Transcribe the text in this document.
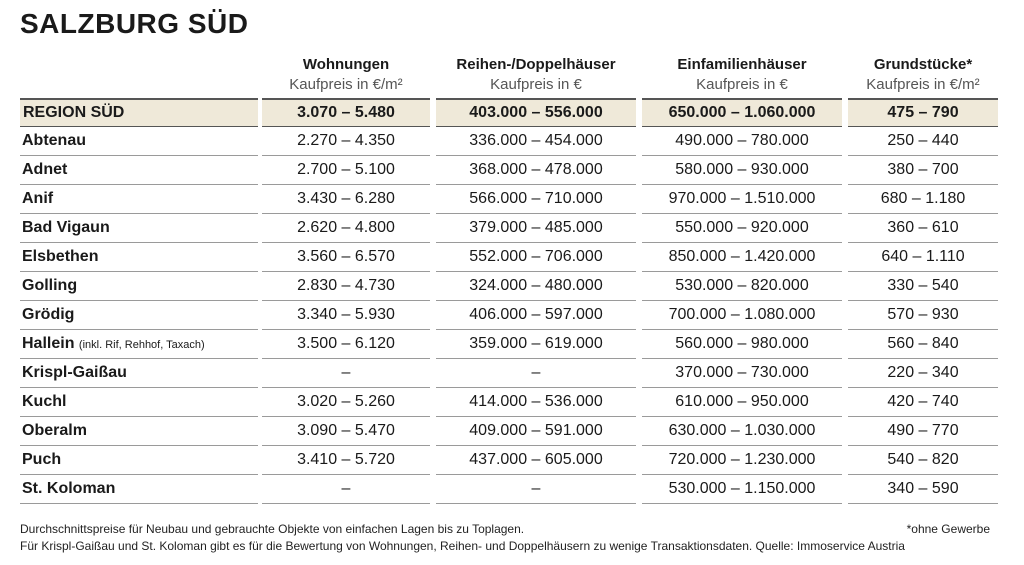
SALZBURG SÜD
Wohnungen
Kaufpreis in €/m²
Reihen-/Doppelhäuser
Kaufpreis in €
Einfamilienhäuser
Kaufpreis in €
Grundstücke*
Kaufpreis in €/m²
REGION SÜD	3.070 – 5.480	403.000 – 556.000	650.000 – 1.060.000	475 – 790
Abtenau	2.270 – 4.350	336.000 – 454.000	490.000 – 780.000	250 – 440
Adnet	2.700 – 5.100	368.000 – 478.000	580.000 – 930.000	380 – 700
Anif	3.430 – 6.280	566.000 – 710.000	970.000 – 1.510.000	680 – 1.180
Bad Vigaun	2.620 – 4.800	379.000 – 485.000	550.000 – 920.000	360 – 610
Elsbethen	3.560 – 6.570	552.000 – 706.000	850.000 – 1.420.000	640 – 1.110
Golling	2.830 – 4.730	324.000 – 480.000	530.000 – 820.000	330 – 540
Grödig	3.340 – 5.930	406.000 – 597.000	700.000 – 1.080.000	570 – 930
Hallein (inkl. Rif, Rehhof, Taxach)	3.500 – 6.120	359.000 – 619.000	560.000 – 980.000	560 – 840
Krispl-Gaißau	–	–	370.000 – 730.000	220 – 340
Kuchl	3.020 – 5.260	414.000 – 536.000	610.000 – 950.000	420 – 740
Oberalm	3.090 – 5.470	409.000 – 591.000	630.000 – 1.030.000	490 – 770
Puch	3.410 – 5.720	437.000 – 605.000	720.000 – 1.230.000	540 – 820
St. Koloman	–	–	530.000 – 1.150.000	340 – 590
Durchschnittspreise für Neubau und gebrauchte Objekte von einfachen Lagen bis zu Toplagen.
Für Krispl-Gaißau und St. Koloman gibt es für die Bewertung von Wohnungen, Reihen- und Doppelhäusern zu wenige Transaktionsdaten. Quelle: Immoservice Austria
*ohne Gewerbe
